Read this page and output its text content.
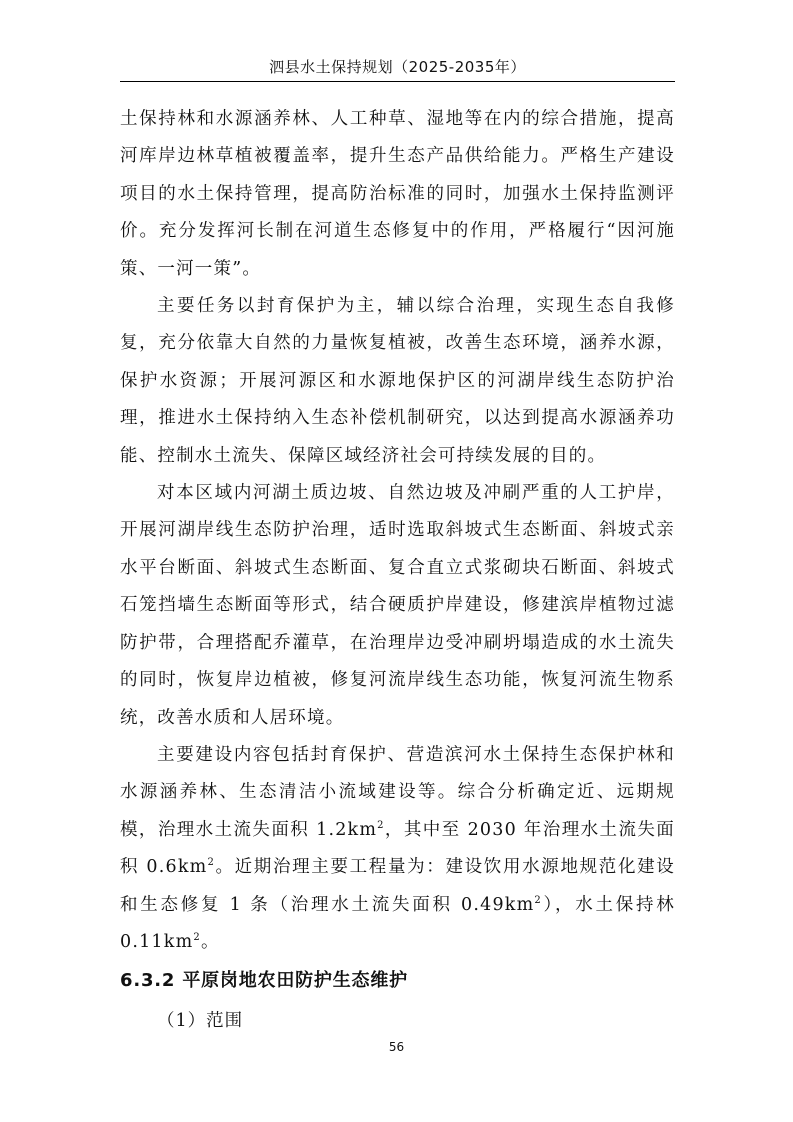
泗县水土保持规划（2025-2035年）

土保持林和水源涵养林、人工种草、湿地等在内的综合措施，提高河库岸边林草植被覆盖率，提升生态产品供给能力。严格生产建设项目的水土保持管理，提高防治标准的同时，加强水土保持监测评价。充分发挥河长制在河道生态修复中的作用，严格履行“因河施策、一河一策”。

主要任务以封育保护为主，辅以综合治理，实现生态自我修复，充分依靠大自然的力量恢复植被，改善生态环境，涵养水源，保护水资源；开展河源区和水源地保护区的河湖岸线生态防护治理，推进水土保持纳入生态补偿机制研究，以达到提高水源涵养功能、控制水土流失、保障区域经济社会可持续发展的目的。

对本区域内河湖土质边坡、自然边坡及冲刷严重的人工护岸，开展河湖岸线生态防护治理，适时选取斜坡式生态断面、斜坡式亲水平台断面、斜坡式生态断面、复合直立式浆砌块石断面、斜坡式石笼挡墙生态断面等形式，结合硬质护岸建设，修建滨岸植物过滤防护带，合理搭配乔灌草，在治理岸边受冲刷坍塌造成的水土流失的同时，恢复岸边植被，修复河流岸线生态功能，恢复河流生物系统，改善水质和人居环境。

主要建设内容包括封育保护、营造滨河水土保持生态保护林和水源涵养林、生态清洁小流域建设等。综合分析确定近、远期规模，治理水土流失面积 $1.2km^2$，其中至 2030 年治理水土流失面积 $0.6km^2$。近期治理主要工程量为：建设饮用水源地规范化建设和生态修复 1 条（治理水土流失面积 $0.49km^2$），水土保持林 $0.11km^2$。

6.3.2 平原岗地农田防护生态维护

（1）范围

56
